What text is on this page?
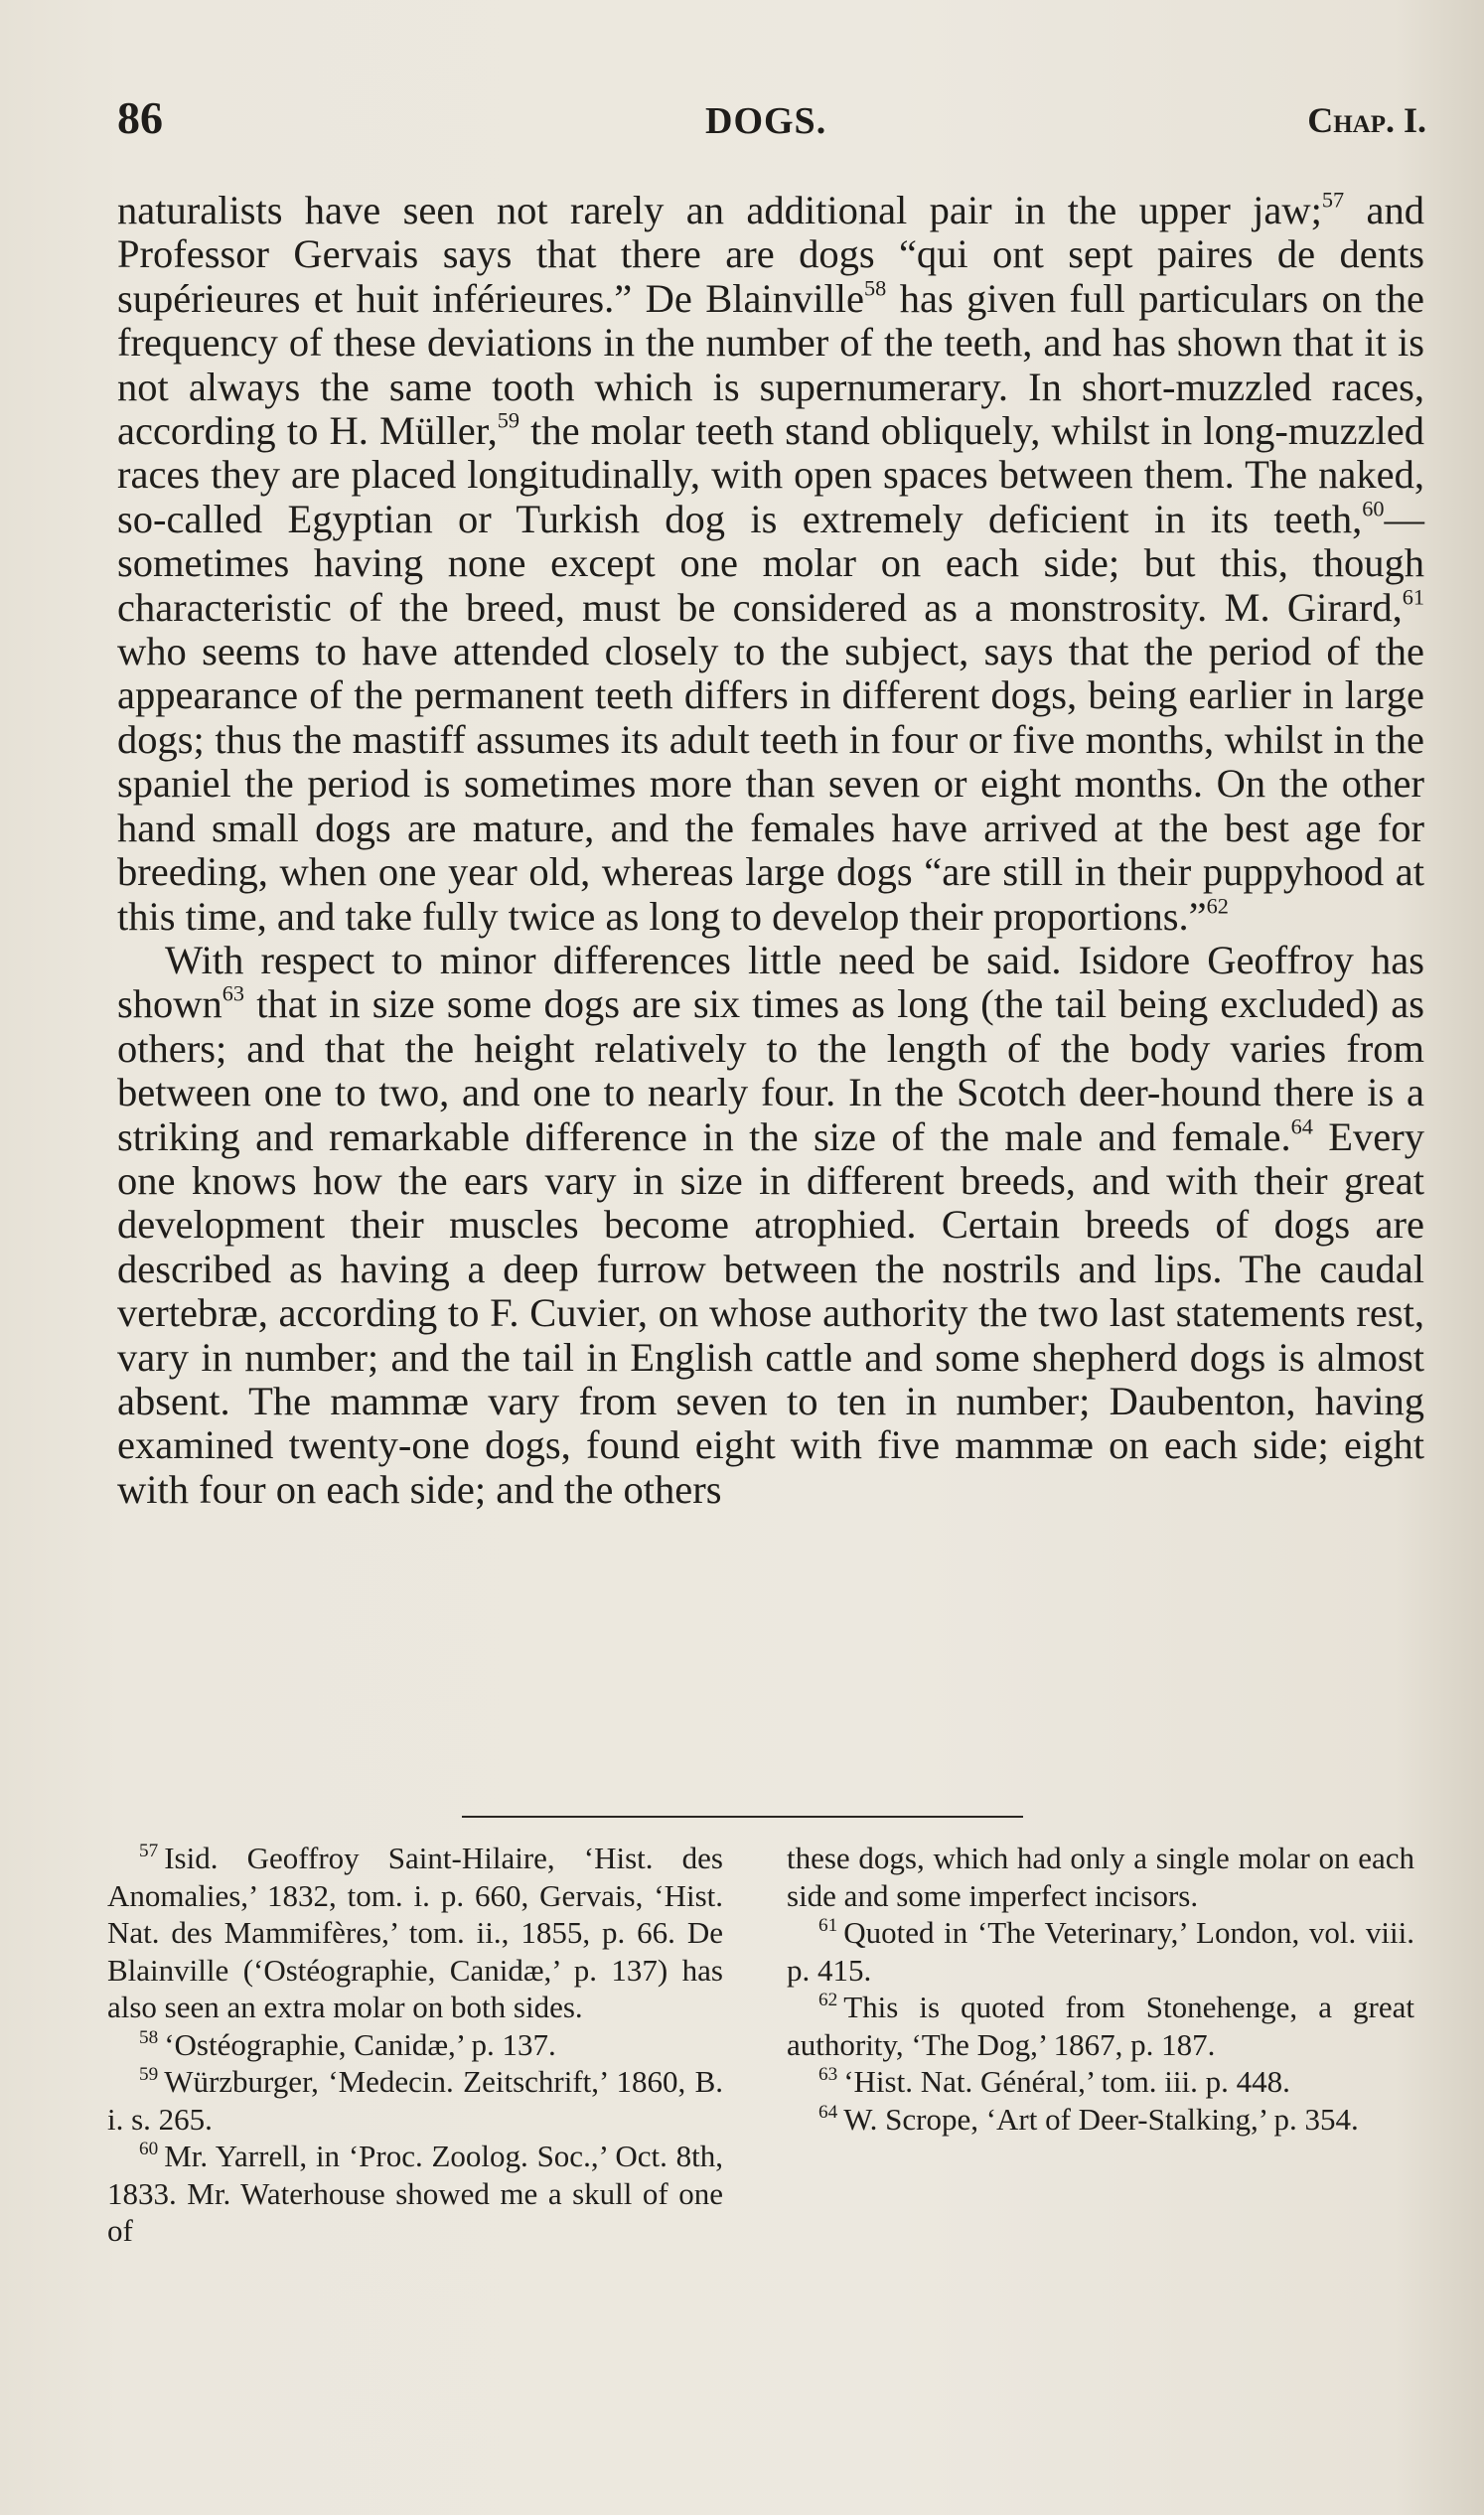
86	DOGS.	Chap. I.

naturalists have seen not rarely an additional pair in the upper jaw;$^{57}$ and Professor Gervais says that there are dogs “qui ont sept paires de dents supérieures et huit inférieures.” De Blainville$^{58}$ has given full particulars on the frequency of these deviations in the number of the teeth, and has shown that it is not always the same tooth which is supernumerary. In short-muzzled races, according to H. Müller,$^{59}$ the molar teeth stand obliquely, whilst in long-muzzled races they are placed longitudinally, with open spaces between them. The naked, so-called Egyptian or Turkish dog is extremely deficient in its teeth,$^{60}$—sometimes having none except one molar on each side; but this, though characteristic of the breed, must be considered as a monstrosity. M. Girard,$^{61}$ who seems to have attended closely to the subject, says that the period of the appearance of the permanent teeth differs in different dogs, being earlier in large dogs; thus the mastiff assumes its adult teeth in four or five months, whilst in the spaniel the period is sometimes more than seven or eight months. On the other hand small dogs are mature, and the females have arrived at the best age for breeding, when one year old, whereas large dogs “are still in their puppyhood at this time, and take fully twice as long to develop their proportions.”$^{62}$

With respect to minor differences little need be said. Isidore Geoffroy has shown$^{63}$ that in size some dogs are six times as long (the tail being excluded) as others; and that the height relatively to the length of the body varies from between one to two, and one to nearly four. In the Scotch deer-hound there is a striking and remarkable difference in the size of the male and female.$^{64}$ Every one knows how the ears vary in size in different breeds, and with their great development their muscles become atrophied. Certain breeds of dogs are described as having a deep furrow between the nostrils and lips. The caudal vertebræ, according to F. Cuvier, on whose authority the two last statements rest, vary in number; and the tail in English cattle and some shepherd dogs is almost absent. The mammæ vary from seven to ten in number; Daubenton, having examined twenty-one dogs, found eight with five mammæ on each side; eight with four on each side; and the others

$^{57}$ Isid. Geoffroy Saint-Hilaire, ‘Hist. des Anomalies,’ 1832, tom. i. p. 660, Gervais, ‘Hist. Nat. des Mammifères,’ tom. ii., 1855, p. 66. De Blainville (‘Ostéographie, Canidæ,’ p. 137) has also seen an extra molar on both sides.

$^{58}$ ‘Ostéographie, Canidæ,’ p. 137.

$^{59}$ Würzburger, ‘Medecin. Zeitschrift,’ 1860, B. i. s. 265.

$^{60}$ Mr. Yarrell, in ‘Proc. Zoolog. Soc.,’ Oct. 8th, 1833. Mr. Waterhouse showed me a skull of one of

these dogs, which had only a single molar on each side and some imperfect incisors.

$^{61}$ Quoted in ‘The Veterinary,’ London, vol. viii. p. 415.

$^{62}$ This is quoted from Stonehenge, a great authority, ‘The Dog,’ 1867, p. 187.

$^{63}$ ‘Hist. Nat. Général,’ tom. iii. p. 448.

$^{64}$ W. Scrope, ‘Art of Deer-Stalking,’ p. 354.
